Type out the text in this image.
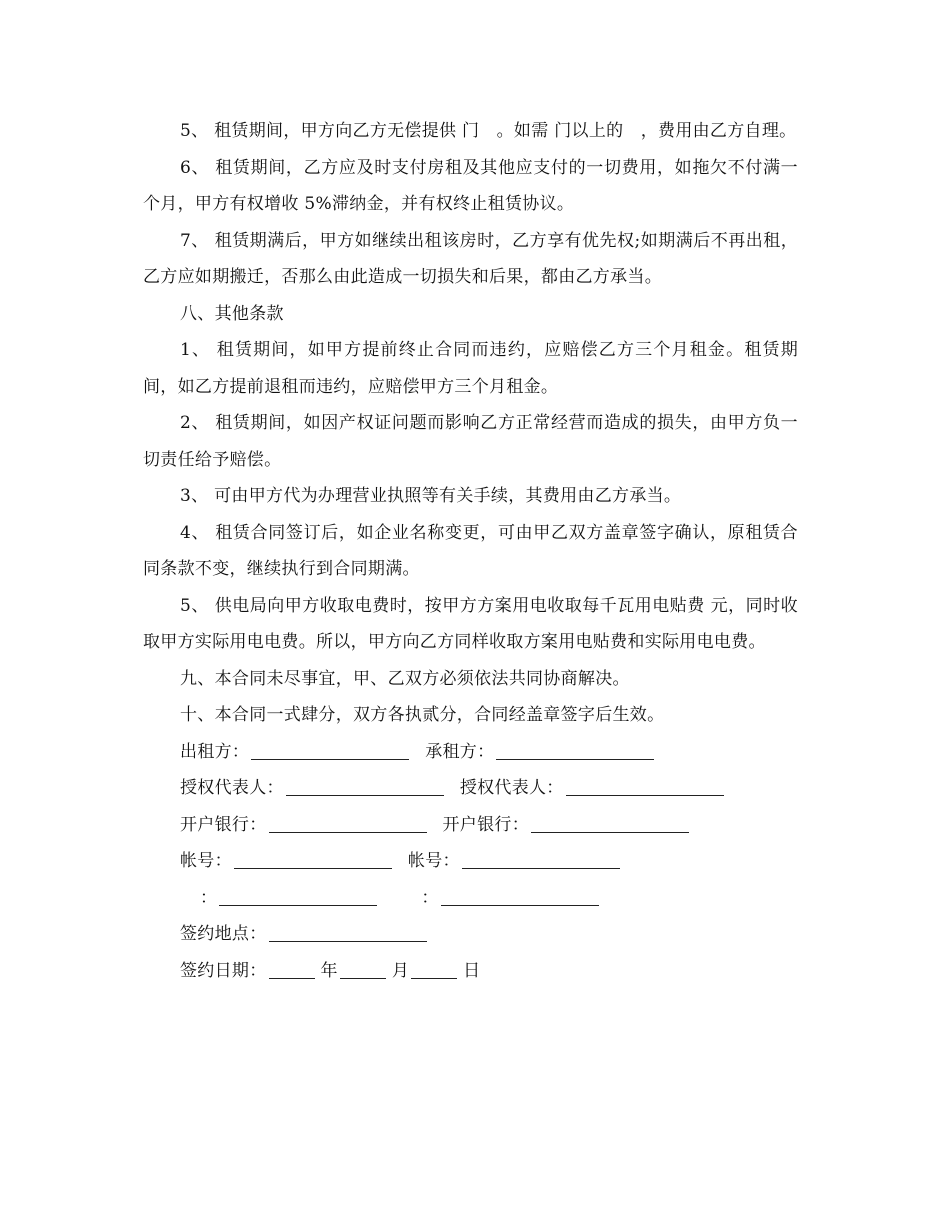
5、 租赁期间，甲方向乙方无偿提供 门　。如需 门以上的　，费用由乙方自理。

6、 租赁期间，乙方应及时支付房租及其他应支付的一切费用，如拖欠不付满一个月，甲方有权增收 5%滞纳金，并有权终止租赁协议。

7、 租赁期满后，甲方如继续出租该房时，乙方享有优先权;如期满后不再出租，乙方应如期搬迁，否那么由此造成一切损失和后果，都由乙方承当。

八、其他条款

1、 租赁期间，如甲方提前终止合同而违约，应赔偿乙方三个月租金。租赁期间，如乙方提前退租而违约，应赔偿甲方三个月租金。

2、 租赁期间，如因产权证问题而影响乙方正常经营而造成的损失，由甲方负一切责任给予赔偿。

3、 可由甲方代为办理营业执照等有关手续，其费用由乙方承当。

4、 租赁合同签订后，如企业名称变更，可由甲乙双方盖章签字确认，原租赁合同条款不变，继续执行到合同期满。

5、 供电局向甲方收取电费时，按甲方方案用电收取每千瓦用电贴费 元，同时收取甲方实际用电电费。所以，甲方向乙方同样收取方案用电贴费和实际用电电费。

九、本合同未尽事宜，甲、乙双方必须依法共同协商解决。

十、本合同一式肆分，双方各执贰分，合同经盖章签字后生效。

出租方：	承租方：
授权代表人：	授权代表人：
开户银行：	开户银行：
帐号：	帐号：
：	：
签约地点：
签约日期：	年	月	日
